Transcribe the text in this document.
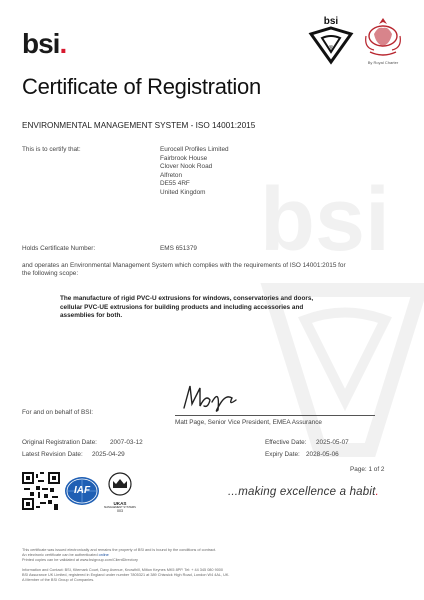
bsi.
bsi
®
By Royal Charter
bsi
Certificate of Registration
ENVIRONMENTAL MANAGEMENT SYSTEM - ISO 14001:2015
This is to certify that:	Eurocell Profiles Limited
Fairbrook House
Clover Nook Road
Alfreton
DE55 4RF
United Kingdom
Holds Certificate Number:	EMS 651379
and operates an Environmental Management System which complies with the requirements of ISO 14001:2015 for
the following scope:
The manufacture of rigid PVC-U extrusions for windows, conservatories and doors,
cellular PVC-UE extrusions for building products and including accessories and
assemblies for both.
For and on behalf of BSI:
Matt Page, Senior Vice President, EMEA Assurance
Original Registration Date: 2007-03-12
Latest Revision Date: 2025-04-29
Effective Date: 2025-05-07
Expiry Date: 2028-05-06
Page: 1 of 2
IAF
UKAS
MANAGEMENT SYSTEMS
003
...making excellence a habit.
This certificate was issued electronically and remains the property of BSI and is bound by the conditions of contract.
An electronic certificate can be authenticated online
Printed copies can be validated at www.bsigroup.com/ClientDirectory
Information and Contact: BSI, Kitemark Court, Davy Avenue, Knowlhill, Milton Keynes MK5 8PP. Tel: + 44 345 080 9000
BSI Assurance UK Limited, registered in England under number 7805321 at 389 Chiswick High Road, London W4 4AL, UK.
A Member of the BSI Group of Companies.
